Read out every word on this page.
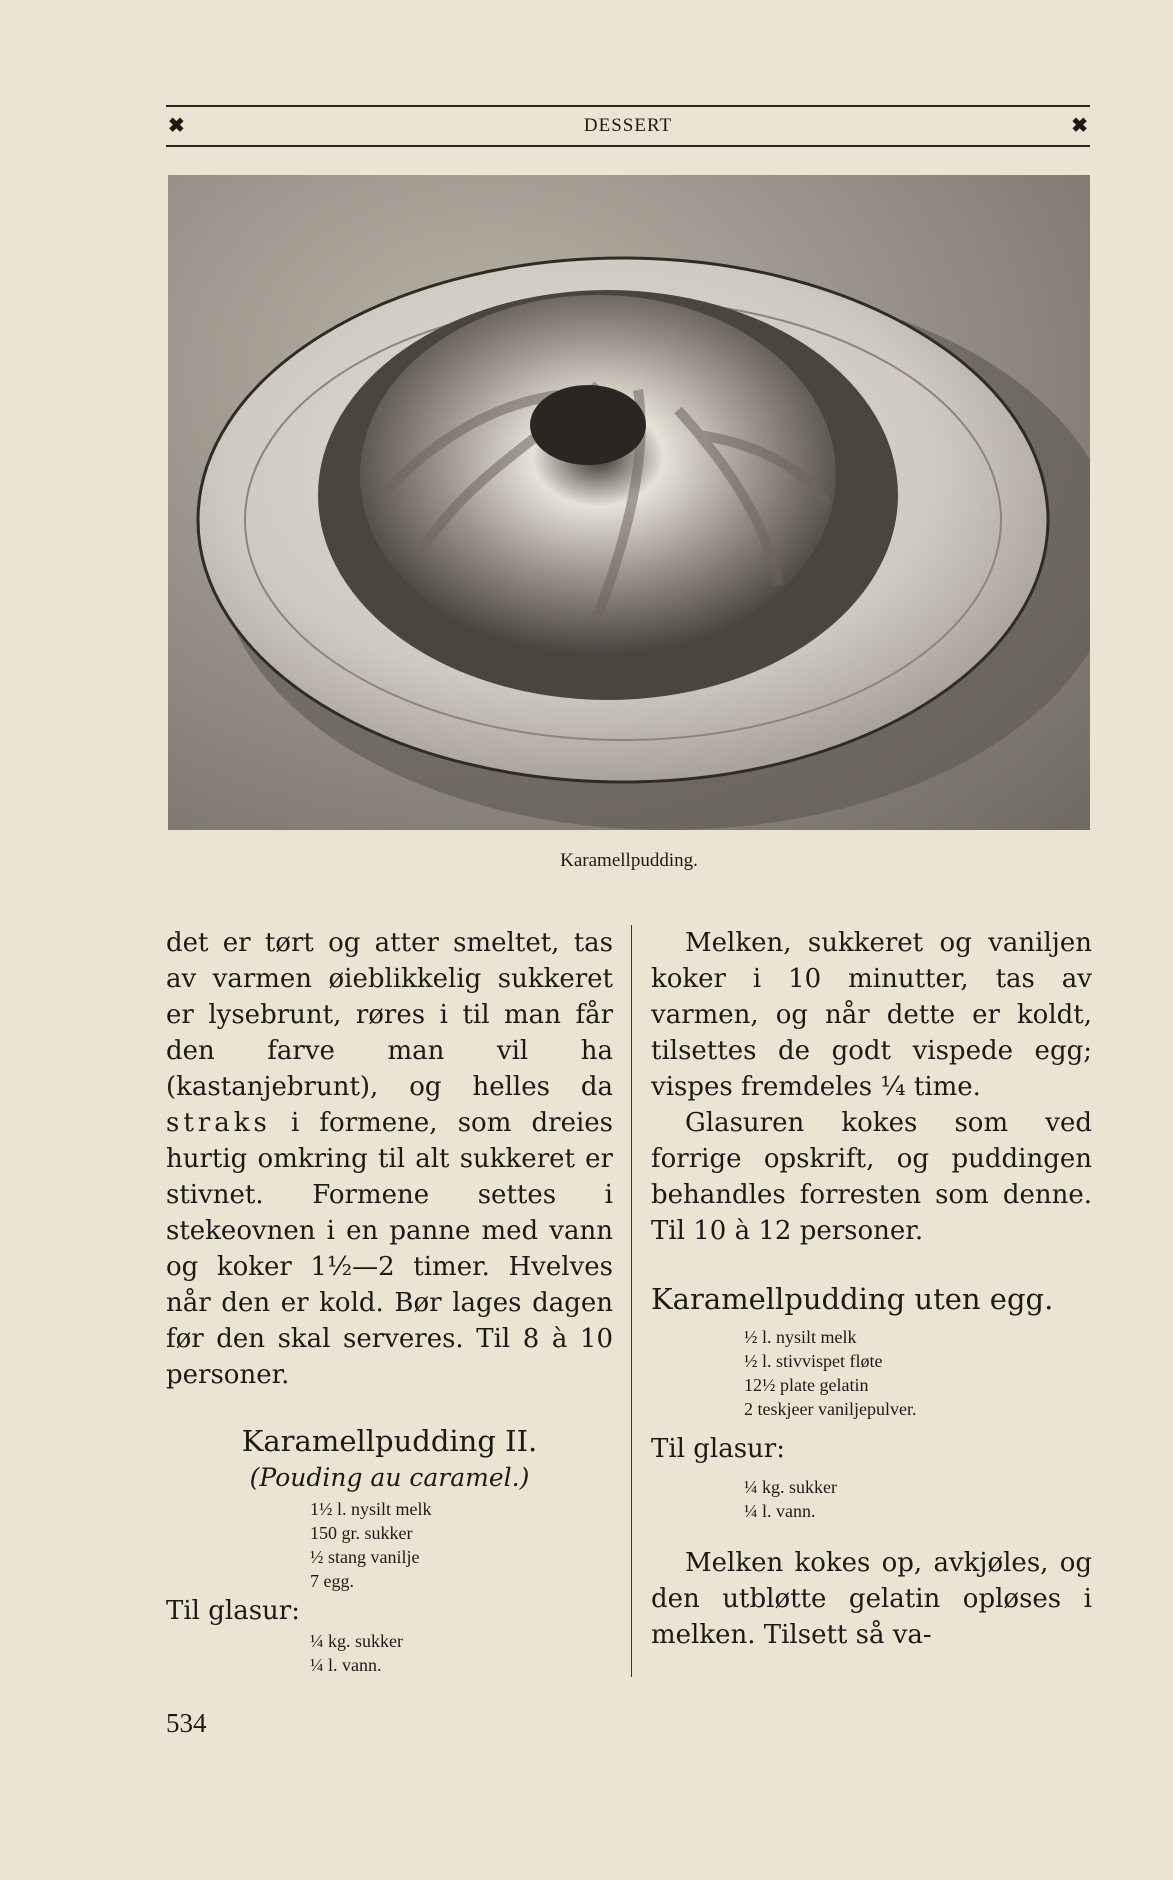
✖	DESSERT	✖
Karamellpudding.

det er tørt og atter smeltet, tas av varmen øieblikkelig sukkeret er lysebrunt, røres i til man får den farve man vil ha (kastanjebrunt), og helles da straks i formene, som dreies hurtig omkring til alt sukkeret er stivnet. Formene settes i stekeovnen i en panne med vann og koker 1½—2 timer. Hvelves når den er kold. Bør lages dagen før den skal serveres. Til 8 à 10 personer.

Karamellpudding II.

(Pouding au caramel.)

1½ l. nysilt melk
150 gr. sukker
½ stang vanilje
7 egg.

Til glasur:

¼ kg. sukker
¼ l. vann.

Melken, sukkeret og vaniljen koker i 10 minutter, tas av varmen, og når dette er koldt, tilsettes de godt vispede egg; vispes fremdeles ¼ time.

Glasuren kokes som ved forrige opskrift, og puddingen behandles forresten som denne. Til 10 à 12 personer.

Karamellpudding uten egg.

½ l. nysilt melk
½ l. stivvispet fløte
12½ plate gelatin
2 teskjeer vaniljepulver.

Til glasur:

¼ kg. sukker
¼ l. vann.

Melken kokes op, avkjøles, og den utbløtte gelatin opløses i melken. Tilsett så va-

534
